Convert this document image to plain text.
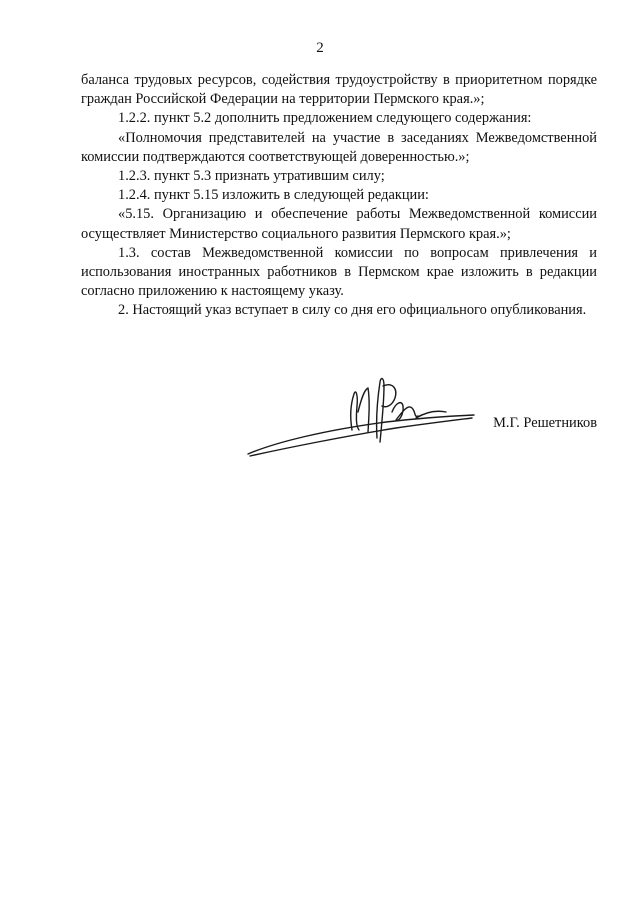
2

баланса трудовых ресурсов, содействия трудоустройству в приоритетном порядке граждан Российской Федерации на территории Пермского края.»;

1.2.2. пункт 5.2 дополнить предложением следующего содержания:

«Полномочия представителей на участие в заседаниях Межведомственной комиссии подтверждаются соответствующей доверенностью.»;

1.2.3. пункт 5.3 признать утратившим силу;

1.2.4. пункт 5.15 изложить в следующей редакции:

«5.15. Организацию и обеспечение работы Межведомственной комиссии осуществляет Министерство социального развития Пермского края.»;

1.3. состав Межведомственной комиссии по вопросам привлечения и использования иностранных работников в Пермском крае изложить в редакции согласно приложению к настоящему указу.

2. Настоящий указ вступает в силу со дня его официального опубликования.

М.Г. Решетников
